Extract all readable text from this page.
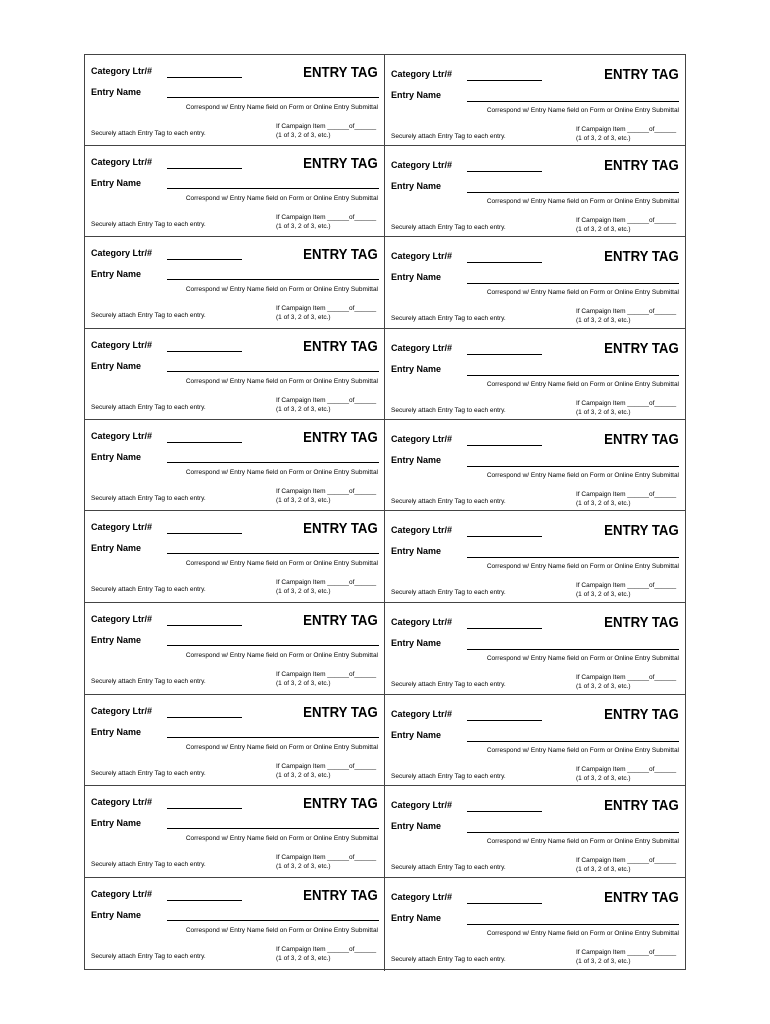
Category Ltr/#	ENTRY TAG
Entry Name
Correspond w/ Entry Name field on Form or Online Entry Submittal
If Campaign Item ______of______
(1 of 3, 2 of 3, etc.)
Securely attach Entry Tag to each entry.
Category Ltr/#	ENTRY TAG
Entry Name
Correspond w/ Entry Name field on Form or Online Entry Submittal
If Campaign Item ______of______
(1 of 3, 2 of 3, etc.)
Securely attach Entry Tag to each entry.
Category Ltr/#	ENTRY TAG
Entry Name
Correspond w/ Entry Name field on Form or Online Entry Submittal
If Campaign Item ______of______
(1 of 3, 2 of 3, etc.)
Securely attach Entry Tag to each entry.
Category Ltr/#	ENTRY TAG
Entry Name
Correspond w/ Entry Name field on Form or Online Entry Submittal
If Campaign Item ______of______
(1 of 3, 2 of 3, etc.)
Securely attach Entry Tag to each entry.
Category Ltr/#	ENTRY TAG
Entry Name
Correspond w/ Entry Name field on Form or Online Entry Submittal
If Campaign Item ______of______
(1 of 3, 2 of 3, etc.)
Securely attach Entry Tag to each entry.
Category Ltr/#	ENTRY TAG
Entry Name
Correspond w/ Entry Name field on Form or Online Entry Submittal
If Campaign Item ______of______
(1 of 3, 2 of 3, etc.)
Securely attach Entry Tag to each entry.
Category Ltr/#	ENTRY TAG
Entry Name
Correspond w/ Entry Name field on Form or Online Entry Submittal
If Campaign Item ______of______
(1 of 3, 2 of 3, etc.)
Securely attach Entry Tag to each entry.
Category Ltr/#	ENTRY TAG
Entry Name
Correspond w/ Entry Name field on Form or Online Entry Submittal
If Campaign Item ______of______
(1 of 3, 2 of 3, etc.)
Securely attach Entry Tag to each entry.
Category Ltr/#	ENTRY TAG
Entry Name
Correspond w/ Entry Name field on Form or Online Entry Submittal
If Campaign Item ______of______
(1 of 3, 2 of 3, etc.)
Securely attach Entry Tag to each entry.
Category Ltr/#	ENTRY TAG
Entry Name
Correspond w/ Entry Name field on Form or Online Entry Submittal
If Campaign Item ______of______
(1 of 3, 2 of 3, etc.)
Securely attach Entry Tag to each entry.
Category Ltr/#	ENTRY TAG
Entry Name
Correspond w/ Entry Name field on Form or Online Entry Submittal
If Campaign Item ______of______
(1 of 3, 2 of 3, etc.)
Securely attach Entry Tag to each entry.
Category Ltr/#	ENTRY TAG
Entry Name
Correspond w/ Entry Name field on Form or Online Entry Submittal
If Campaign Item ______of______
(1 of 3, 2 of 3, etc.)
Securely attach Entry Tag to each entry.
Category Ltr/#	ENTRY TAG
Entry Name
Correspond w/ Entry Name field on Form or Online Entry Submittal
If Campaign Item ______of______
(1 of 3, 2 of 3, etc.)
Securely attach Entry Tag to each entry.
Category Ltr/#	ENTRY TAG
Entry Name
Correspond w/ Entry Name field on Form or Online Entry Submittal
If Campaign Item ______of______
(1 of 3, 2 of 3, etc.)
Securely attach Entry Tag to each entry.
Category Ltr/#	ENTRY TAG
Entry Name
Correspond w/ Entry Name field on Form or Online Entry Submittal
If Campaign Item ______of______
(1 of 3, 2 of 3, etc.)
Securely attach Entry Tag to each entry.
Category Ltr/#	ENTRY TAG
Entry Name
Correspond w/ Entry Name field on Form or Online Entry Submittal
If Campaign Item ______of______
(1 of 3, 2 of 3, etc.)
Securely attach Entry Tag to each entry.
Category Ltr/#	ENTRY TAG
Entry Name
Correspond w/ Entry Name field on Form or Online Entry Submittal
If Campaign Item ______of______
(1 of 3, 2 of 3, etc.)
Securely attach Entry Tag to each entry.
Category Ltr/#	ENTRY TAG
Entry Name
Correspond w/ Entry Name field on Form or Online Entry Submittal
If Campaign Item ______of______
(1 of 3, 2 of 3, etc.)
Securely attach Entry Tag to each entry.
Category Ltr/#	ENTRY TAG
Entry Name
Correspond w/ Entry Name field on Form or Online Entry Submittal
If Campaign Item ______of______
(1 of 3, 2 of 3, etc.)
Securely attach Entry Tag to each entry.
Category Ltr/#	ENTRY TAG
Entry Name
Correspond w/ Entry Name field on Form or Online Entry Submittal
If Campaign Item ______of______
(1 of 3, 2 of 3, etc.)
Securely attach Entry Tag to each entry.
